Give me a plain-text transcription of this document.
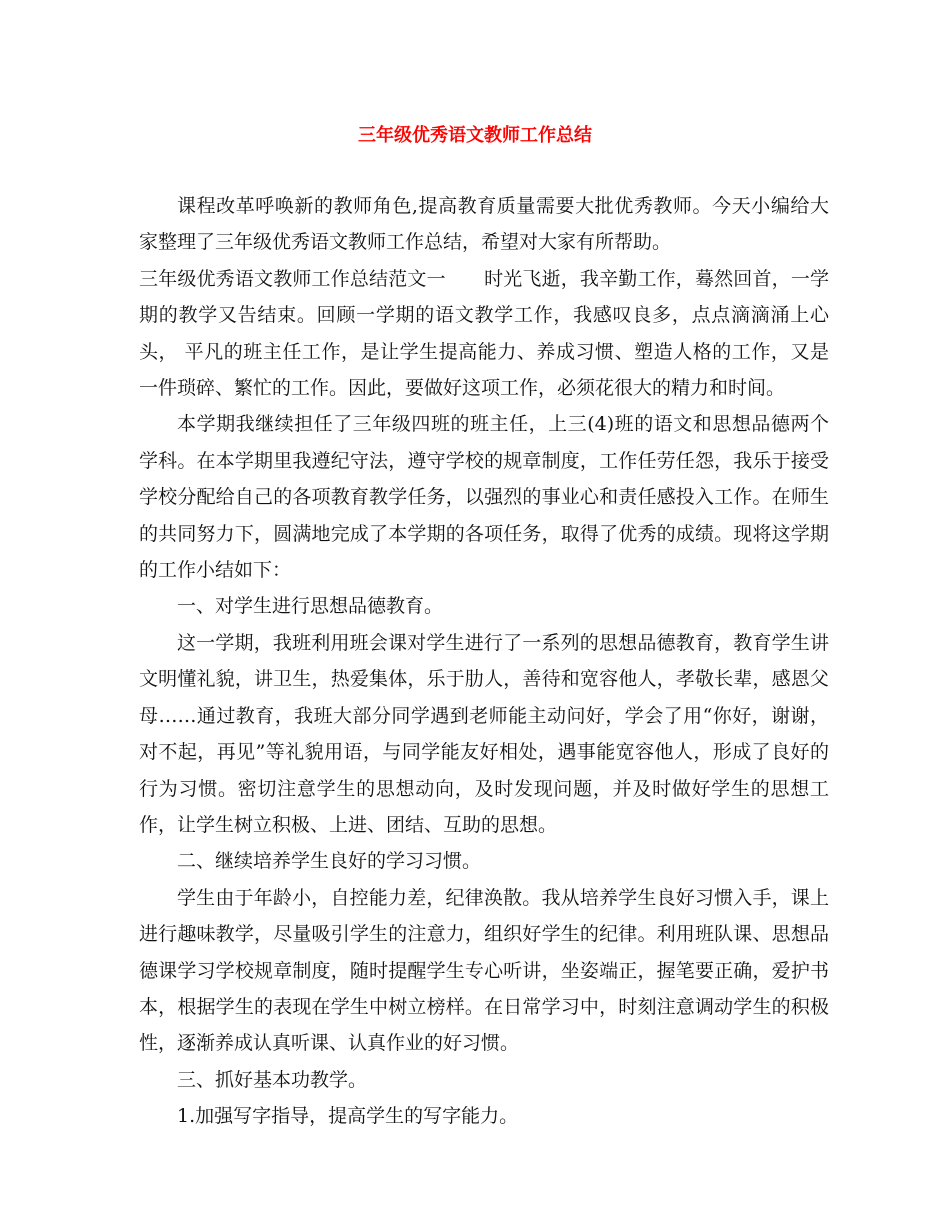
三年级优秀语文教师工作总结

课程改革呼唤新的教师角色,提高教育质量需要大批优秀教师。今天小编给大家整理了三年级优秀语文教师工作总结，希望对大家有所帮助。

三年级优秀语文教师工作总结范文一　　时光飞逝，我辛勤工作，蓦然回首，一学期的教学又告结束。回顾一学期的语文教学工作，我感叹良多，点点滴滴涌上心头， 平凡的班主任工作，是让学生提高能力、养成习惯、塑造人格的工作，又是一件琐碎、繁忙的工作。因此，要做好这项工作，必须花很大的精力和时间。

本学期我继续担任了三年级四班的班主任，上三(4)班的语文和思想品德两个学科。在本学期里我遵纪守法，遵守学校的规章制度，工作任劳任怨，我乐于接受学校分配给自己的各项教育教学任务，以强烈的事业心和责任感投入工作。在师生的共同努力下，圆满地完成了本学期的各项任务，取得了优秀的成绩。现将这学期的工作小结如下：

一、对学生进行思想品德教育。

这一学期，我班利用班会课对学生进行了一系列的思想品德教育，教育学生讲文明懂礼貌，讲卫生，热爱集体，乐于肋人，善待和宽容他人，孝敬长辈，感恩父母……通过教育，我班大部分同学遇到老师能主动问好，学会了用“你好，谢谢，对不起，再见”等礼貌用语，与同学能友好相处，遇事能宽容他人，形成了良好的行为习惯。密切注意学生的思想动向，及时发现问题，并及时做好学生的思想工作，让学生树立积极、上进、团结、互助的思想。

二、继续培养学生良好的学习习惯。

学生由于年龄小，自控能力差，纪律涣散。我从培养学生良好习惯入手，课上进行趣味教学，尽量吸引学生的注意力，组织好学生的纪律。利用班队课、思想品德课学习学校规章制度，随时提醒学生专心听讲，坐姿端正，握笔要正确，爱护书本，根据学生的表现在学生中树立榜样。在日常学习中，时刻注意调动学生的积极性，逐渐养成认真听课、认真作业的好习惯。

三、抓好基本功教学。

1.加强写字指导，提高学生的写字能力。
